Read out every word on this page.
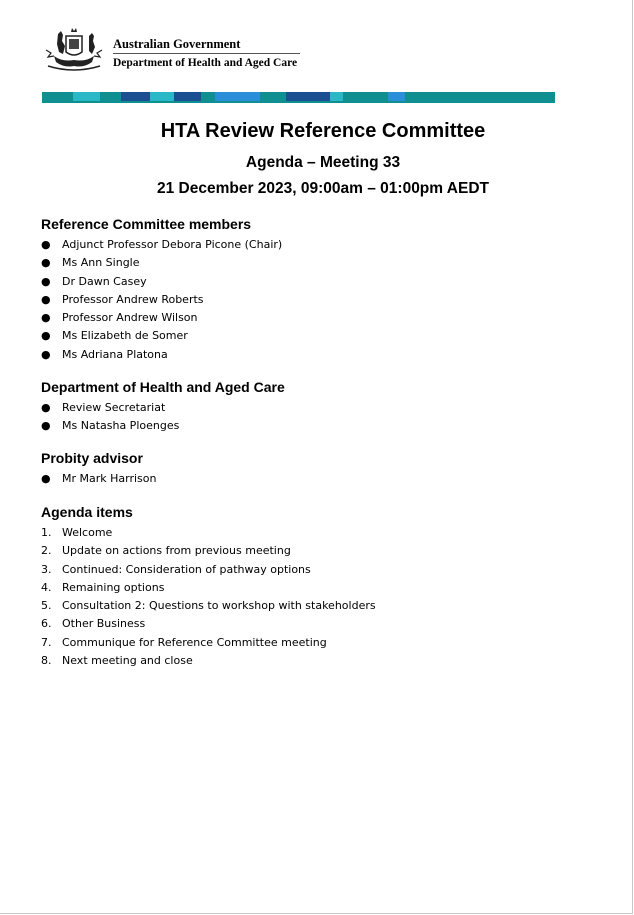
Australian Government
Department of Health and Aged Care
HTA Review Reference Committee
Agenda – Meeting 33
21 December 2023, 09:00am – 01:00pm AEDT
Reference Committee members
●	Adjunct Professor Debora Picone (Chair)
●	Ms Ann Single
●	Dr Dawn Casey
●	Professor Andrew Roberts
●	Professor Andrew Wilson
●	Ms Elizabeth de Somer
●	Ms Adriana Platona
Department of Health and Aged Care
●	Review Secretariat
●	Ms Natasha Ploenges
Probity advisor
●	Mr Mark Harrison
Agenda items
1. Welcome
2. Update on actions from previous meeting
3. Continued: Consideration of pathway options
4. Remaining options
5. Consultation 2: Questions to workshop with stakeholders
6. Other Business
7. Communique for Reference Committee meeting
8. Next meeting and close
